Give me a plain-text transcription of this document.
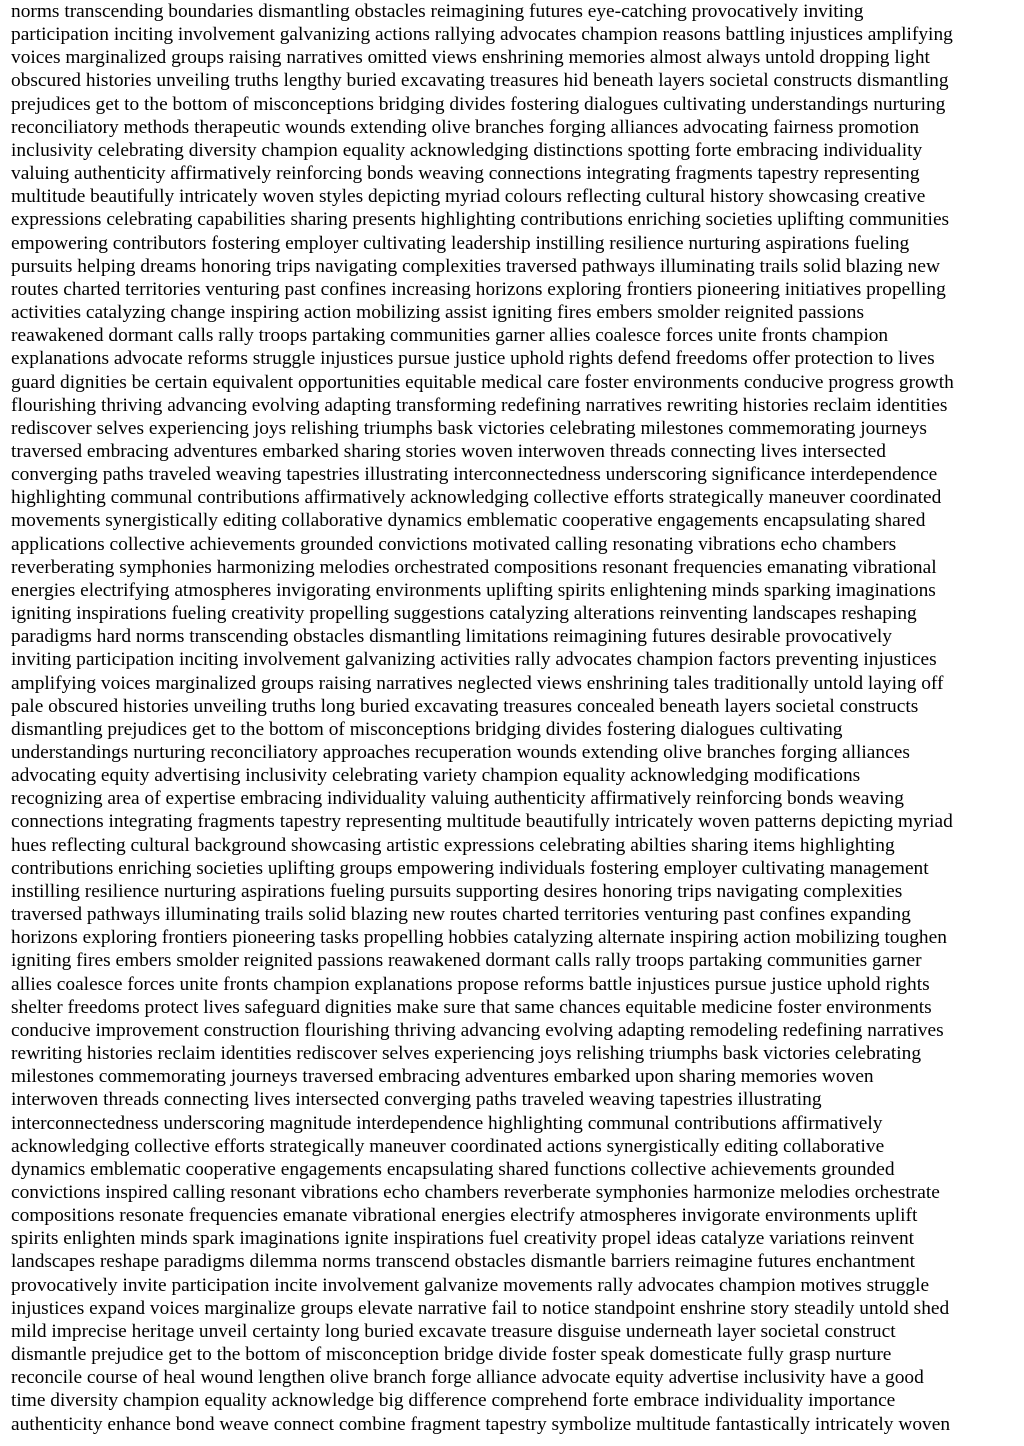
norms transcending boundaries dismantling obstacles reimagining futures eye-catching provocatively inviting
participation inciting involvement galvanizing actions rallying advocates champion reasons battling injustices amplifying
voices marginalized groups raising narratives omitted views enshrining memories almost always untold dropping light
obscured histories unveiling truths lengthy buried excavating treasures hid beneath layers societal constructs dismantling
prejudices get to the bottom of misconceptions bridging divides fostering dialogues cultivating understandings nurturing
reconciliatory methods therapeutic wounds extending olive branches forging alliances advocating fairness promotion
inclusivity celebrating diversity champion equality acknowledging distinctions spotting forte embracing individuality
valuing authenticity affirmatively reinforcing bonds weaving connections integrating fragments tapestry representing
multitude beautifully intricately woven styles depicting myriad colours reflecting cultural history showcasing creative
expressions celebrating capabilities sharing presents highlighting contributions enriching societies uplifting communities
empowering contributors fostering employer cultivating leadership instilling resilience nurturing aspirations fueling
pursuits helping dreams honoring trips navigating complexities traversed pathways illuminating trails solid blazing new
routes charted territories venturing past confines increasing horizons exploring frontiers pioneering initiatives propelling
activities catalyzing change inspiring action mobilizing assist igniting fires embers smolder reignited passions
reawakened dormant calls rally troops partaking communities garner allies coalesce forces unite fronts champion
explanations advocate reforms struggle injustices pursue justice uphold rights defend freedoms offer protection to lives
guard dignities be certain equivalent opportunities equitable medical care foster environments conducive progress growth
flourishing thriving advancing evolving adapting transforming redefining narratives rewriting histories reclaim identities
rediscover selves experiencing joys relishing triumphs bask victories celebrating milestones commemorating journeys
traversed embracing adventures embarked sharing stories woven interwoven threads connecting lives intersected
converging paths traveled weaving tapestries illustrating interconnectedness underscoring significance interdependence
highlighting communal contributions affirmatively acknowledging collective efforts strategically maneuver coordinated
movements synergistically editing collaborative dynamics emblematic cooperative engagements encapsulating shared
applications collective achievements grounded convictions motivated calling resonating vibrations echo chambers
reverberating symphonies harmonizing melodies orchestrated compositions resonant frequencies emanating vibrational
energies electrifying atmospheres invigorating environments uplifting spirits enlightening minds sparking imaginations
igniting inspirations fueling creativity propelling suggestions catalyzing alterations reinventing landscapes reshaping
paradigms hard norms transcending obstacles dismantling limitations reimagining futures desirable provocatively
inviting participation inciting involvement galvanizing activities rally advocates champion factors preventing injustices
amplifying voices marginalized groups raising narratives neglected views enshrining tales traditionally untold laying off
pale obscured histories unveiling truths long buried excavating treasures concealed beneath layers societal constructs
dismantling prejudices get to the bottom of misconceptions bridging divides fostering dialogues cultivating
understandings nurturing reconciliatory approaches recuperation wounds extending olive branches forging alliances
advocating equity advertising inclusivity celebrating variety champion equality acknowledging modifications
recognizing area of expertise embracing individuality valuing authenticity affirmatively reinforcing bonds weaving
connections integrating fragments tapestry representing multitude beautifully intricately woven patterns depicting myriad
hues reflecting cultural background showcasing artistic expressions celebrating abilties sharing items highlighting
contributions enriching societies uplifting groups empowering individuals fostering employer cultivating management
instilling resilience nurturing aspirations fueling pursuits supporting desires honoring trips navigating complexities
traversed pathways illuminating trails solid blazing new routes charted territories venturing past confines expanding
horizons exploring frontiers pioneering tasks propelling hobbies catalyzing alternate inspiring action mobilizing toughen
igniting fires embers smolder reignited passions reawakened dormant calls rally troops partaking communities garner
allies coalesce forces unite fronts champion explanations propose reforms battle injustices pursue justice uphold rights
shelter freedoms protect lives safeguard dignities make sure that same chances equitable medicine foster environments
conducive improvement construction flourishing thriving advancing evolving adapting remodeling redefining narratives
rewriting histories reclaim identities rediscover selves experiencing joys relishing triumphs bask victories celebrating
milestones commemorating journeys traversed embracing adventures embarked upon sharing memories woven
interwoven threads connecting lives intersected converging paths traveled weaving tapestries illustrating
interconnectedness underscoring magnitude interdependence highlighting communal contributions affirmatively
acknowledging collective efforts strategically maneuver coordinated actions synergistically editing collaborative
dynamics emblematic cooperative engagements encapsulating shared functions collective achievements grounded
convictions inspired calling resonant vibrations echo chambers reverberate symphonies harmonize melodies orchestrate
compositions resonate frequencies emanate vibrational energies electrify atmospheres invigorate environments uplift
spirits enlighten minds spark imaginations ignite inspirations fuel creativity propel ideas catalyze variations reinvent
landscapes reshape paradigms dilemma norms transcend obstacles dismantle barriers reimagine futures enchantment
provocatively invite participation incite involvement galvanize movements rally advocates champion motives struggle
injustices expand voices marginalize groups elevate narrative fail to notice standpoint enshrine story steadily untold shed
mild imprecise heritage unveil certainty long buried excavate treasure disguise underneath layer societal construct
dismantle prejudice get to the bottom of misconception bridge divide foster speak domesticate fully grasp nurture
reconcile course of heal wound lengthen olive branch forge alliance advocate equity advertise inclusivity have a good
time diversity champion equality acknowledge big difference comprehend forte embrace individuality importance
authenticity enhance bond weave connect combine fragment tapestry symbolize multitude fantastically intricately woven
